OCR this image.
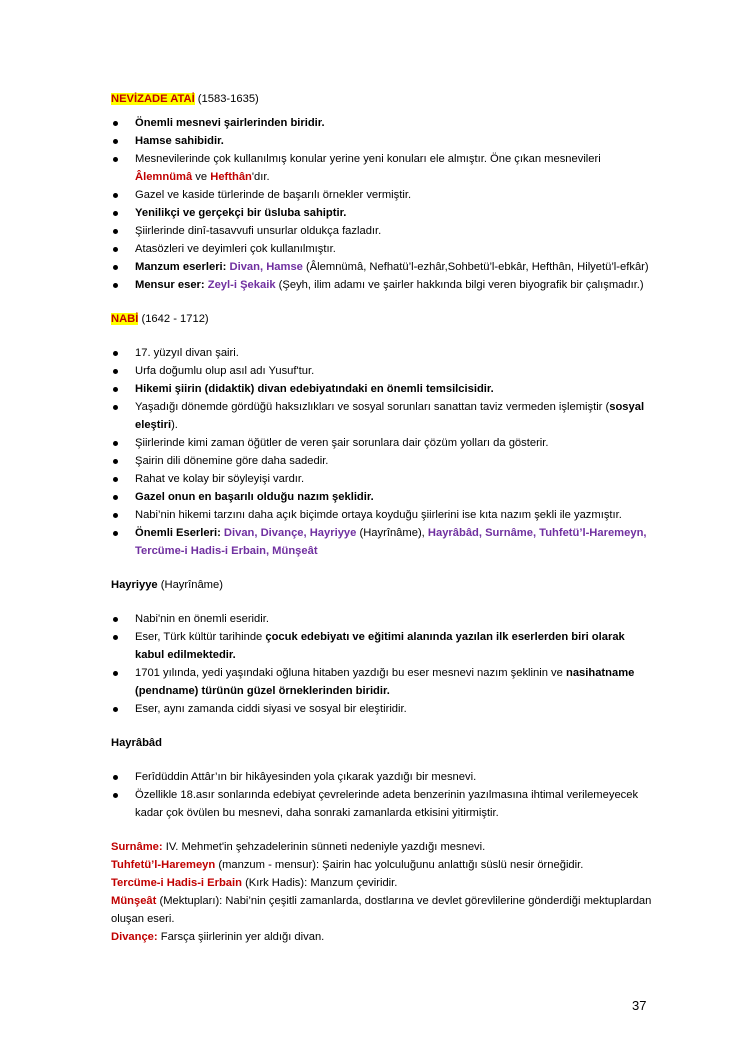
NEVİZADE ATAİ (1583-1635)

Önemli mesnevi şairlerinden biridir.
Hamse sahibidir.
Mesnevilerinde çok kullanılmış konular yerine yeni konuları ele almıştır. Öne çıkan mesnevileri Âlemnümâ ve Hefthân'dır.
Gazel ve kaside türlerinde de başarılı örnekler vermiştir.
Yenilikçi ve gerçekçi bir üsluba sahiptir.
Şiirlerinde dinî-tasavvufi unsurlar oldukça fazladır.
Atasözleri ve deyimleri çok kullanılmıştır.
Manzum eserleri: Divan, Hamse (Âlemnümâ, Nefhatü’l-ezhâr,Sohbetü’l-ebkâr, Hefthân, Hilyetü’l-efkâr)
Mensur eser: Zeyl-i Şekaik (Şeyh, ilim adamı ve şairler hakkında bilgi veren biyografik bir çalışmadır.)

NABİ (1642 - 1712)

17. yüzyıl divan şairi.
Urfa doğumlu olup asıl adı Yusuf'tur.
Hikemi şiirin (didaktik) divan edebiyatındaki en önemli temsilcisidir.
Yaşadığı dönemde gördüğü haksızlıkları ve sosyal sorunları sanattan taviz vermeden işlemiştir (sosyal eleştiri).
Şiirlerinde kimi zaman öğütler de veren şair sorunlara dair çözüm yolları da gösterir.
Şairin dili dönemine göre daha sadedir.
Rahat ve kolay bir söyleyişi vardır.
Gazel onun en başarılı olduğu nazım şeklidir.
Nabi’nin hikemi tarzını daha açık biçimde ortaya koyduğu şiirlerini ise kıta nazım şekli ile yazmıştır.
Önemli Eserleri: Divan, Divançe, Hayriyye (Hayrînâme), Hayrâbâd, Surnâme, Tuhfetü’l-Haremeyn, Tercüme-i Hadis-i Erbain, Münşeât

Hayriyye (Hayrînâme)

Nabi'nin en önemli eseridir.
Eser, Türk kültür tarihinde çocuk edebiyatı ve eğitimi alanında yazılan ilk eserlerden biri olarak kabul edilmektedir.
1701 yılında, yedi yaşındaki oğluna hitaben yazdığı bu eser mesnevi nazım şeklinin ve nasihatname (pendname) türünün güzel örneklerinden biridir.
Eser, aynı zamanda ciddi siyasi ve sosyal bir eleştiridir.

Hayrâbâd

Ferîdüddin Attâr’ın bir hikâyesinden yola çıkarak yazdığı bir mesnevi.
Özellikle 18.asır sonlarında edebiyat çevrelerinde adeta benzerinin yazılmasına ihtimal verilemeyecek kadar çok övülen bu mesnevi, daha sonraki zamanlarda etkisini yitirmiştir.

Surnâme: IV. Mehmet'in şehzadelerinin sünneti nedeniyle yazdığı mesnevi.

Tuhfetü’l-Haremeyn (manzum - mensur): Şairin hac yolculuğunu anlattığı süslü nesir örneğidir.

Tercüme-i Hadis-i Erbain (Kırk Hadis): Manzum çeviridir.

Münşeât (Mektupları): Nabi’nin çeşitli zamanlarda, dostlarına ve devlet görevlilerine gönderdiği mektuplardan oluşan eseri.

Divançe: Farsça şiirlerinin yer aldığı divan.

37
